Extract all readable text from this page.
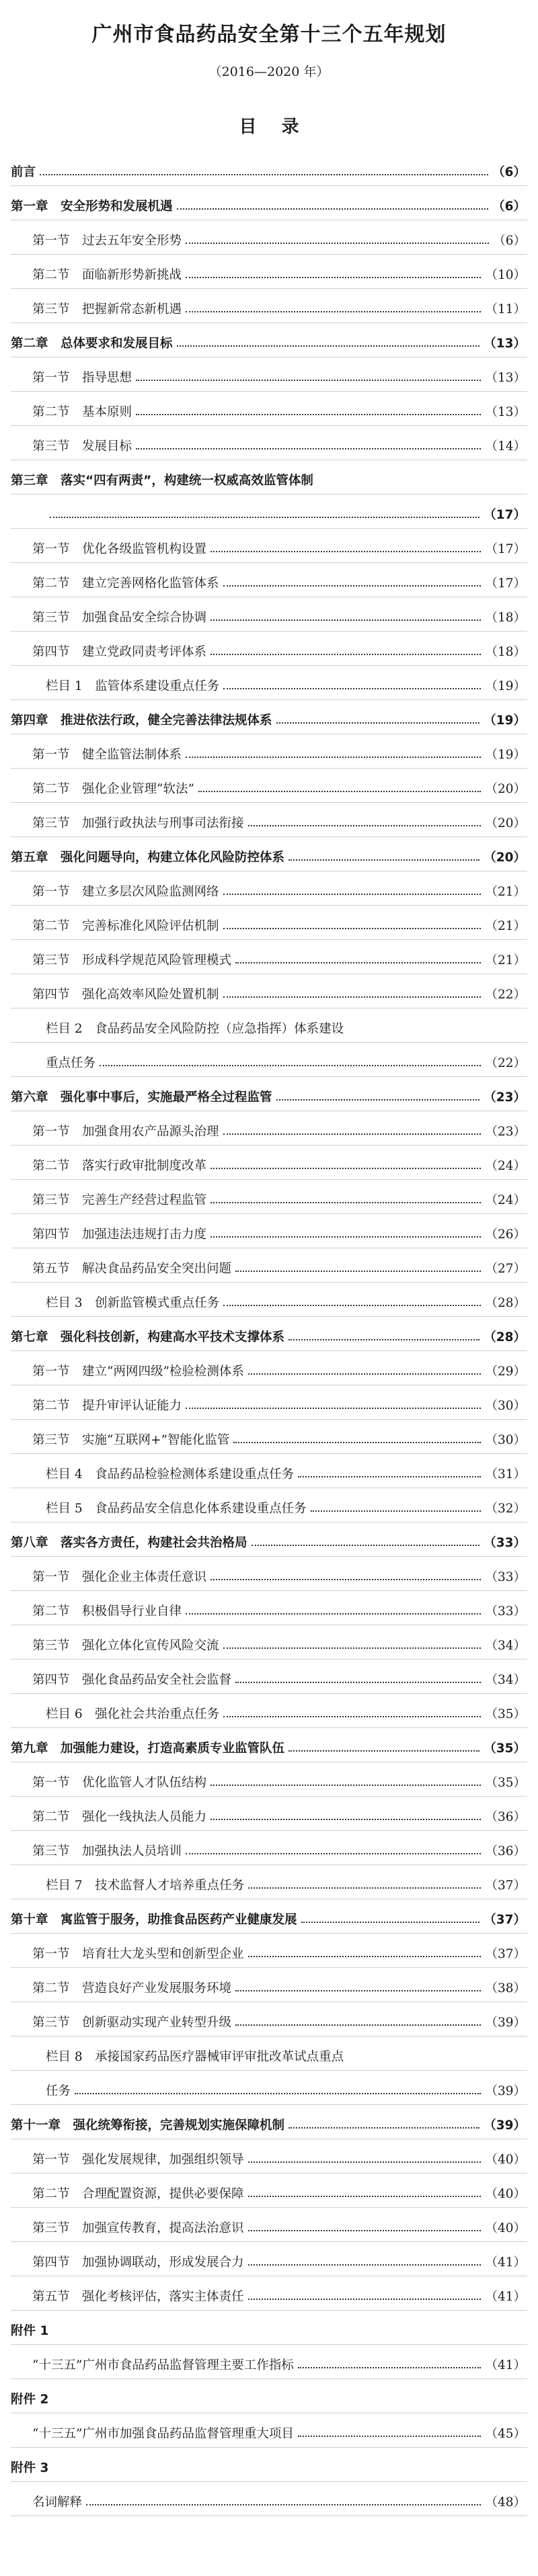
广州市食品药品安全第十三个五年规划
（2016—2020 年）
目 录
前言	（6）
第一章　安全形势和发展机遇	（6）
第一节　过去五年安全形势	（6）
第二节　面临新形势新挑战	（10）
第三节　把握新常态新机遇	（11）
第二章　总体要求和发展目标	（13）
第一节　指导思想	（13）
第二节　基本原则	（13）
第三节　发展目标	（14）
第三章　落实“四有两责”，构建统一权威高效监管体制
（17）
第一节　优化各级监管机构设置	（17）
第二节　建立完善网格化监管体系	（17）
第三节　加强食品安全综合协调	（18）
第四节　建立党政同责考评体系	（18）
栏目 1　监管体系建设重点任务	（19）
第四章　推进依法行政，健全完善法律法规体系	（19）
第一节　健全监管法制体系	（19）
第二节　强化企业管理“软法”	（20）
第三节　加强行政执法与刑事司法衔接	（20）
第五章　强化问题导向，构建立体化风险防控体系	（20）
第一节　建立多层次风险监测网络	（21）
第二节　完善标准化风险评估机制	（21）
第三节　形成科学规范风险管理模式	（21）
第四节　强化高效率风险处置机制	（22）
栏目 2　食品药品安全风险防控（应急指挥）体系建设
重点任务	（22）
第六章　强化事中事后，实施最严格全过程监管	（23）
第一节　加强食用农产品源头治理	（23）
第二节　落实行政审批制度改革	（24）
第三节　完善生产经营过程监管	（24）
第四节　加强违法违规打击力度	（26）
第五节　解决食品药品安全突出问题	（27）
栏目 3　创新监管模式重点任务	（28）
第七章　强化科技创新，构建高水平技术支撑体系	（28）
第一节　建立“两网四级”检验检测体系	（29）
第二节　提升审评认证能力	（30）
第三节　实施“互联网+”智能化监管	（30）
栏目 4　食品药品检验检测体系建设重点任务	（31）
栏目 5　食品药品安全信息化体系建设重点任务	（32）
第八章　落实各方责任，构建社会共治格局	（33）
第一节　强化企业主体责任意识	（33）
第二节　积极倡导行业自律	（33）
第三节　强化立体化宣传风险交流	（34）
第四节　强化食品药品安全社会监督	（34）
栏目 6　强化社会共治重点任务	（35）
第九章　加强能力建设，打造高素质专业监管队伍	（35）
第一节　优化监管人才队伍结构	（35）
第二节　强化一线执法人员能力	（36）
第三节　加强执法人员培训	（36）
栏目 7　技术监督人才培养重点任务	（37）
第十章　寓监管于服务，助推食品医药产业健康发展	（37）
第一节　培育壮大龙头型和创新型企业	（37）
第二节　营造良好产业发展服务环境	（38）
第三节　创新驱动实现产业转型升级	（39）
栏目 8　承接国家药品医疗器械审评审批改革试点重点
任务	（39）
第十一章　强化统筹衔接，完善规划实施保障机制	（39）
第一节　强化发展规律，加强组织领导	（40）
第二节　合理配置资源，提供必要保障	（40）
第三节　加强宣传教育，提高法治意识	（40）
第四节　加强协调联动，形成发展合力	（41）
第五节　强化考核评估，落实主体责任	（41）
附件 1
“十三五”广州市食品药品监督管理主要工作指标	（41）
附件 2
“十三五”广州市加强食品药品监督管理重大项目	（45）
附件 3
名词解释	（48）
